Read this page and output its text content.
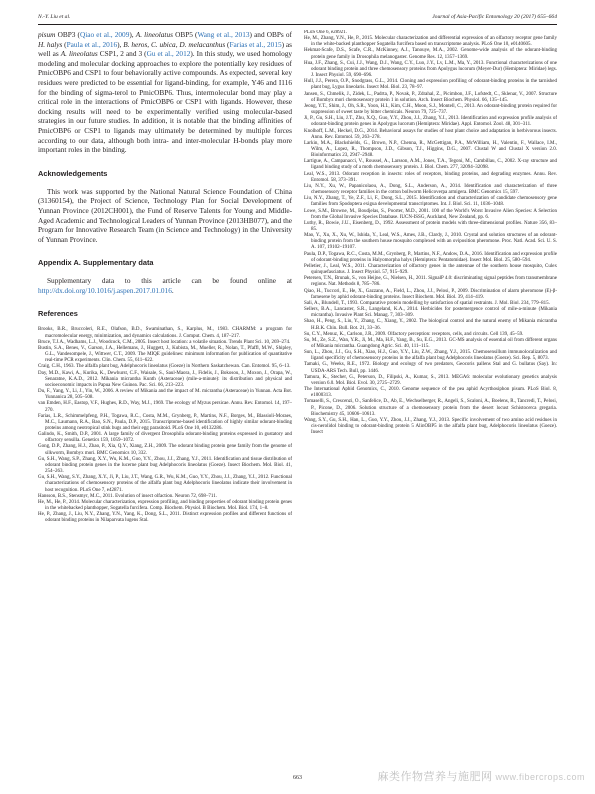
N.-Y. Liu et al.	Journal of Asia-Pacific Entomology 20 (2017) 655–664

pisum OBP3 (Qiao et al., 2009), A. lineolatus OBP5 (Wang et al., 2013) and OBPs of H. halys (Paula et al., 2016), B. heros, C. ubica, D. melacanthus (Farias et al., 2015) as well as A. lineolatus CSP1, 2 and 3 (Gu et al., 2012). In this study, we used homology modeling and molecular docking approaches to explore the potentially key residues of PmicOBP6 and CSP1 to four behaviorally active compounds. As expected, several key residues were predicted to be essential for ligand-binding, for example, Y46 and I116 for the binding of sigma-terol to PmicOBP6. Thus, intermolecular bond may play a critical role in the interactions of PmicOBP6 or CSP1 with ligands. However, these docking results will need to be experimentally verified using molecular-based strategies in our future studies. In addition, it is notable that the binding affinities of PmicOBP6 or CSP1 to ligands may ultimately be determined by multiple forces according to our data, although both intra- and inter-molecular H-bonds play more important roles in the binding.

Acknowledgements

This work was supported by the National Natural Science Foundation of China (31360154), the Project of Science, Technology Plan for Social Development of Yunnan Province (2012CH001), the Fund of Reserve Talents for Young and Middle-Aged Academic and Technological Leaders of Yunnan Province (2013HB077), and the Program for Innovative Research Team (in Science and Technology) in the University of Yunnan Province.

Appendix A. Supplementary data

Supplementary data to this article can be found online at http://dx.doi.org/10.1016/j.aspen.2017.01.016.

References
Brooks, B.R., Bruccoleri, R.E., Olafson, B.D., Swaminathan, S., Karplus, M., 1983. CHARMM: a program for macromolecular energy, minimization, and dynamics calculations. J. Comput. Chem. 4, 187–217.
Bruce, T.J.A., Wadhams, L.J., Woodcock, C.M., 2005. Insect host location: a volatile situation. Trends Plant Sci. 10, 269–274.
Bustin, S.A., Benes, V., Garson, J.A., Hellemans, J., Huggett, J., Kubista, M., Mueller, R., Nolan, T., Pfaffl, M.W., Shipley, G.L., Vandesompele, J., Wittwer, C.T., 2009. The MIQE guidelines: minimum information for publication of quantitative real-time PCR experiments. Clin. Chem. 55, 611–622.
Craig, C.H., 1963. The alfalfa plant bug, Adelphocoris lineolatus (Goeze) in Northern Saskatchewan. Can. Entomol. 95, 6–13.
Day, M.D., Kawi, A., Kurika, K., Dewhurst, C.F., Waisale, S., Saul-Maora, J., Fidelis, J., Bokosou, J., Moxon, J., Orapa, W., Senaratne, K.A.D., 2012. Mikania micrantha Kunth (Asteraceae) (mile-a-minute): its distribution and physical and socioeconomic impacts in Papua New Guinea. Pac. Sci. 66, 213–223.
Du, F., Yang, Y., Li, J., Yin, W., 2006. A review of Mikania and the impact of M. micrantha (Asteraceae) in Yunnan. Acta Bot. Yunnanica 28, 505–508.
van Emden, H.F., Eastop, V.F., Hughes, R.D., Way, M.J., 1969. The ecology of Myzus persicae. Annu. Rev. Entomol. 14, 197–270.
Farias, L.R., Schimmelpfeng, P.H., Togawa, R.C., Costa, M.M., Grynberg, P., Martins, N.F., Borges, M., Blassioli-Moraes, M.C., Laumann, R.A., Bao, S.N., Paula, D.P., 2015. Transcriptome-based identification of highly similar odorant-binding proteins among neotropical stink bugs and their egg parasitoid. PLoS One 10, e0132286.
Galindo, K., Smith, D.P., 2001. A large family of divergent Drosophila odorant-binding proteins expressed in gustatory and olfactory sensilla. Genetics 159, 1059–1072.
Gong, D.P., Zhang, H.J., Zhao, P., Xia, Q.Y., Xiang, Z.H., 2009. The odorant binding protein gene family from the genome of silkworm, Bombyx mori. BMC Genomics 10, 332.
Gu, S.H., Wang, S.P., Zhang, X.Y., Wu, K.M., Guo, Y.Y., Zhou, J.J., Zhang, Y.J., 2011. Identification and tissue distribution of odorant binding protein genes in the lucerne plant bug Adelphocoris lineolatus (Goeze). Insect Biochem. Mol. Biol. 41, 254–263.
Gu, S.H., Wang, S.Y., Zhang, X.Y., Ji, P., Liu, J.T., Wang, G.R., Wu, K.M., Guo, Y.Y., Zhou, J.J., Zhang, Y.J., 2012. Functional characterizations of chemosensory proteins of the alfalfa plant bug Adelphocoris lineolatus indicate their involvement in host recognition. PLoS One 7, e42871.
Hansson, B.S., Stensmyr, M.C., 2011. Evolution of insect olfaction. Neuron 72, 698–711.
He, M., He, P., 2014. Molecular characterization, expression profiling, and binding properties of odorant binding protein genes in the whitebacked planthopper, Sogatella furcifera. Comp. Biochem. Physiol. B Biochem. Mol. Biol. 174, 1–8.
He, P., Zhang, J., Liu, N.Y., Zhang, Y.N., Yang, K., Dong, S.L., 2011. Distinct expression profiles and different functions of odorant binding proteins in Nilaparvata lugens Stal.
PLoS One 6, e28921.
He, M., Zhang, Y.N., He, P., 2015. Molecular characterization and differential expression of an olfactory receptor gene family in the white-backed planthopper Sogatella furcifera based on transcriptome analysis. PLoS One 10, e0140605.
Hekmat-Scafe, D.S., Scafe, C.R., McKinney, A.J., Tanouye, M.A., 2002. Genome-wide analysis of the odorant-binding protein gene family in Drosophila melanogaster. Genome Res. 12, 1357–1369.
Hua, J.F., Zhang, S., Cui, J.J., Wang, D.J., Wang, C.Y., Luo, J.Y., Lv, L.M., Ma, Y., 2013. Functional characterizations of one odorant binding protein and three chemosensory proteins from Apolygus lucorum (Meyer-Dur) (Hemiptera: Miridae) legs. J. Insect Physiol. 59, 690–696.
Hull, J.J., Perera, O.P., Snodgrass, G.L., 2014. Cloning and expression profiling of odorant-binding proteins in the tarnished plant bug, Lygus lineolaris. Insect Mol. Biol. 23, 78–97.
Jansen, S., Chmelik, J., Zidek, L., Padrta, P., Novak, P., Zdrahal, Z., Picimbon, J.F., Lofstedt, C., Sklenar, V., 2007. Structure of Bombyx mori chemosensory protein 1 in solution. Arch. Insect Biochem. Physiol. 66, 135–145.
Jeong, Y.T., Shim, J., Oh, S.R., Yoon, H.I., Kim, C.H., Moon, S.J., Montell, C., 2013. An odorant-binding protein required for suppression of sweet taste by bitter chemicals. Neuron 79, 725–737.
Ji, P., Gu, S.H., Liu, J.T., Zhu, X.Q., Guo, Y.Y., Zhou, J.J., Zhang, Y.J., 2013. Identification and expression profile analysis of odorant-binding protein genes in Apolygus lucorum (Hemiptera: Miridae). Appl. Entomol. Zool. 48, 301–311.
Knolhoff, L.M., Heckel, D.G., 2014. Behavioral assays for studies of host plant choice and adaptation in herbivorous insects. Annu. Rev. Entomol. 59, 263–278.
Larkin, M.A., Blackshields, G., Brown, N.P., Chenna, R., McGettigan, P.A., McWilliam, H., Valentin, F., Wallace, I.M., Wilm, A., Lopez, R., Thompson, J.D., Gibson, T.J., Higgins, D.G., 2007. Clustal W and Clustal X version 2.0. Bioinformatics 23, 2947–2948.
Lartigue, A., Campanacci, V., Roussel, A., Larsson, A.M., Jones, T.A., Tegoni, M., Cambillau, C., 2002. X-ray structure and ligand binding study of a moth chemosensory protein. J. Biol. Chem. 277, 32094–32098.
Leal, W.S., 2013. Odorant reception in insects: roles of receptors, binding proteins, and degrading enzymes. Annu. Rev. Entomol. 58, 373–391.
Liu, N.Y., Xu, W., Papanicolaou, A., Dong, S.L., Anderson, A., 2014. Identification and characterization of three chemosensory receptor families in the cotton bollworm Helicoverpa armigera. BMC Genomics 15, 597.
Liu, N.Y., Zhang, T., Ye, Z.F., Li, F., Dong, S.L., 2015. Identification and characterization of candidate chemosensory gene families from Spodoptera exigua developmental transcriptomes. Int. J. Biol. Sci. 11, 1036–1048.
Lowe, S.M., Browne, M., Boudjelas, S., Poorter, M.D., 2001. 100 of the World's Worst Invasive Alien Species: A Selection from the Global Invasive Species Database. IUCN-ISSG, Auckland, New Zealand, pp. 6.
Luthy, R., Bowie, J.U., Eisenberg, D., 1992. Assessment of protein models with three-dimensional profiles. Nature 356, 83–85.
Mao, Y., Xu, X., Xu, W., Ishida, Y., Leal, W.S., Ames, J.B., Clardy, J., 2010. Crystal and solution structures of an odorant-binding protein from the southern house mosquito complexed with an oviposition pheromone. Proc. Natl. Acad. Sci. U. S. A. 107, 19102–19107.
Paula, D.P., Togawa, R.C., Costa, M.M., Grynberg, P., Martins, N.F., Andow, D.A., 2016. Identification and expression profile of odorant-binding proteins in Halyomorpha halys (Hemiptera: Pentatomidae). Insect Mol. Biol. 25, 580–594.
Pelletier, J., Leal, W.S., 2011. Characterization of olfactory genes in the antennae of the southern house mosquito, Culex quinquefasciatus. J. Insect Physiol. 57, 915–929.
Petersen, T.N., Brunak, S., von Heijne, G., Nielsen, H., 2011. SignalP 4.0: discriminating signal peptides from transmembrane regions. Nat. Methods 8, 785–786.
Qiao, H., Tuccori, E., He, X., Gazzano, A., Field, L., Zhou, J.J., Pelosi, P., 2009. Discrimination of alarm pheromone (E)-β-farnesene by aphid odorant-binding proteins. Insect Biochem. Mol. Biol. 39, 414–419.
Sali, A., Blundell, T., 1993. Comparative protein modelling by satisfaction of spatial restraints. J. Mol. Biol. 234, 779–815.
Sellers, B.A., Lancaster, S.R., Langeland, K.A., 2014. Herbicides for postemergence control of mile-a-minute (Mikania micrantha). Invasive Plant Sci. Manag. 7, 303–309.
Shao, H., Peng, S., Liu, Y., Zhang, C., Xiang, Y., 2002. The biological control and the natural enemy of Mikania micrantha H.B.K. Chin. Bull. Bot. 21, 33–36.
Su, C.Y., Menuz, K., Carlson, J.R., 2009. Olfactory perception: receptors, cells, and circuits. Cell 139, 45–59.
Su, M., Ze, S.Z., Wan, Y.R., Ji, M., Ma, H.F., Yang, B., Su, E.G., 2013. GC-MS analysis of essential oil from different organs of Mikania micrantha. Guangdong Agric. Sci. 40, 111–115.
Sun, L., Zhou, J.J., Gu, S.H., Xiao, H.J., Guo, Y.Y., Liu, Z.W., Zhang, Y.J., 2015. Chemosensillum immunolocalization and ligand specificity of chemosensory proteins in the alfalfa plant bug Adelphocoris lineolatus (Goeze). Sci. Rep. 5, 8073.
Tamaki, G., Weeks, R.E., 1972. Biology and ecology of two predators, Geocoris pallens Stal and G. bullatus (Say). In: USDA-ARS Tech. Bull, pp. 1446.
Tamura, K., Stecher, G., Peterson, D., Filipski, A., Kumar, S., 2013. MEGA6: molecular evolutionary genetics analysis version 6.0. Mol. Biol. Evol. 30, 2725–2729.
The International Aphid Genomics, C., 2010. Genome sequence of the pea aphid Acyrthosiphon pisum. PLoS Biol. 8, e1000313.
Tomaselli, S., Crescenzi, O., Sanfelice, D., Ab, E., Wechselberger, R., Angeli, S., Scaloni, A., Boelens, R., Tancredi, T., Pelosi, P., Picone, D., 2006. Solution structure of a chemosensory protein from the desert locust Schistocerca gregaria. Biochemistry 45, 10606–10613.
Wang, S.Y., Gu, S.H., Han, L., Guo, Y.Y., Zhou, J.J., Zhang, Y.J., 2013. Specific involvement of two amino acid residues in cis-nerolidol binding to odorant-binding protein 5 AlinOBP5 in the alfalfa plant bug, Adelphocoris lineolatus (Goeze). Insect
663	麻类作物营养与施肥网 www.fibercrops.com
